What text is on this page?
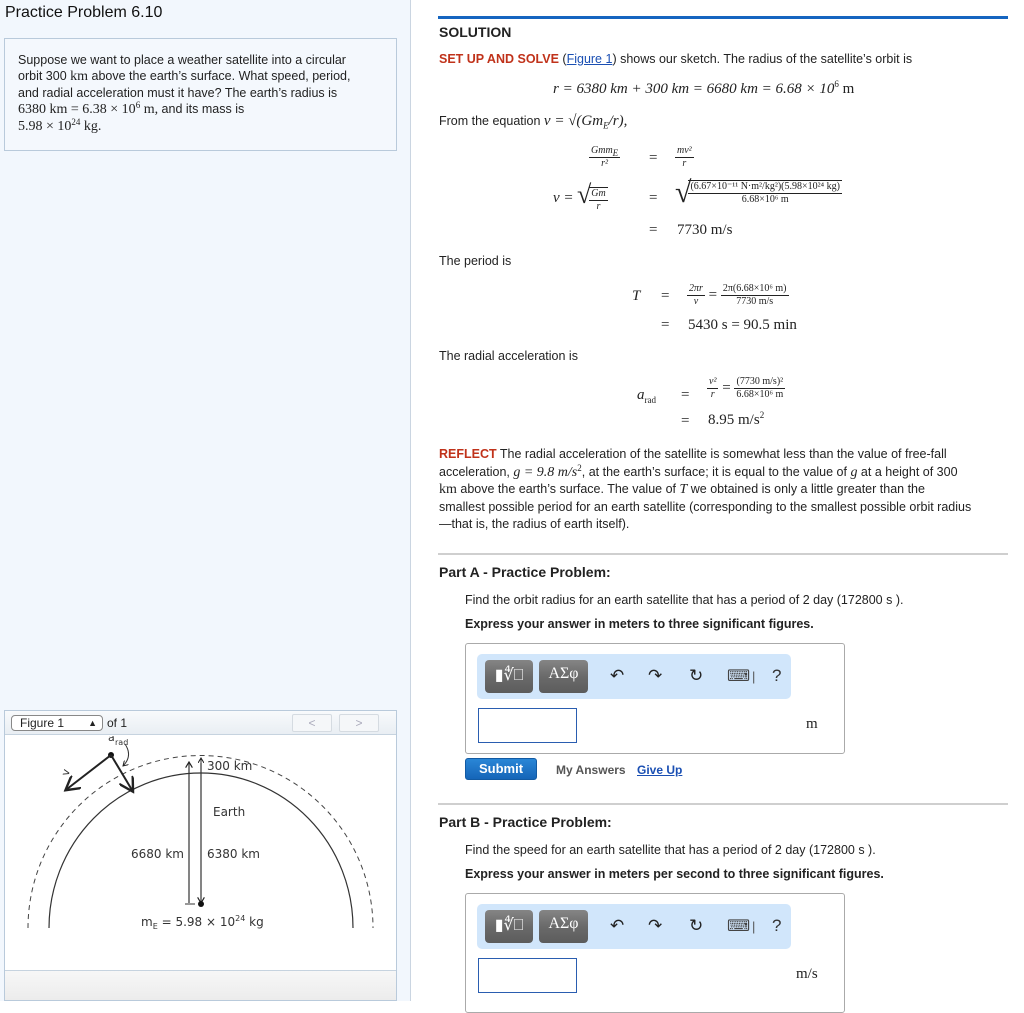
Practice Problem 6.10
Suppose we want to place a weather satellite into a circular
orbit 300 km above the earth’s surface. What speed, period,
and radial acceleration must it have? The earth’s radius is
6380 km = $6.38 \times 10^6$ m, and its mass is
$5.98 \times 10^{24}$ kg.
Figure 1	▲ of 1	<	>
a rad
v	300 km
Earth
6680 km 6380 km
$m_E = 5.98 \times 10^{24}$ kg
SOLUTION
SET UP AND SOLVE (Figure 1) shows our sketch. The radius of the satellite’s orbit is
r = 6380 km + 300 km = 6680 km = $6.68 \times 10^6$ m
From the equation $v = √(Gm_E/r)$,
$\frac{Gmm_E}{\text{r²}} = \frac{\text{mv²}}{r}$
v = √
$\frac{Gm}{r}$	= √
$\frac{\text{(6.67×10⁻¹¹ N·m²/kg²)(5.98×10²⁴ kg)}}{\text{6.68×10⁶ m}}$
= 7730 m/s
The period is
$T = \frac{2\pi r}{v} = \frac{\text{2π(6.68×10⁶ m)}}{7730 m/s}$
= 5430 s = 90.5 min
The radial acceleration is
$a_{rad} = \frac{\text{v²}}{r} = \frac{\text{(7730 m/s)²}}{\text{6.68×10⁶ m}}$
= 8.95 $m/s^2$
REFLECT The radial acceleration of the satellite is somewhat less than the value of free-fall
acceleration, g = 9.8 $m/s^2$, at the earth’s surface; it is equal to the value of g at a height of 300
km above the earth’s surface. The value of T we obtained is only a little greater than the
smallest possible period for an earth satellite (corresponding to the smallest possible orbit radius
—that is, the radius of earth itself).
Part A - Practice Problem:
Find the orbit radius for an earth satellite that has a period of 2 day (172800 s ).
Express your answer in meters to three significant figures.
▮∜⎕	ΑΣφ	↶ ↷ ↻ ⌨ | ?
m
Submit	My Answers Give Up
Part B - Practice Problem:
Find the speed for an earth satellite that has a period of 2 day (172800 s ).
Express your answer in meters per second to three significant figures.
▮∜⎕	ΑΣφ	↶ ↷ ↻ ⌨ | ?
m/s
